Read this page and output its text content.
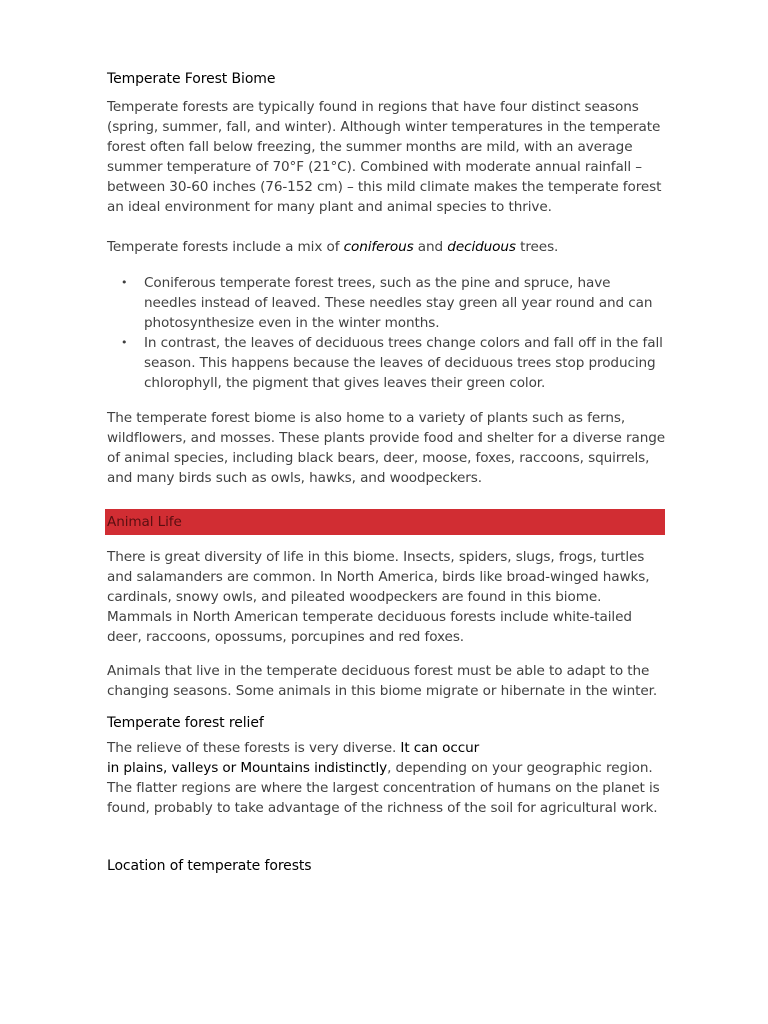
Temperate Forest Biome

Temperate forests are typically found in regions that have four distinct seasons (spring, summer, fall, and winter). Although winter temperatures in the temperate forest often fall below freezing, the summer months are mild, with an average summer temperature of 70°F (21°C). Combined with moderate annual rainfall – between 30-60 inches (76-152 cm) – this mild climate makes the temperate forest an ideal environment for many plant and animal species to thrive.

Temperate forests include a mix of coniferous and deciduous trees.

• Coniferous temperate forest trees, such as the pine and spruce, have needles instead of leaved. These needles stay green all year round and can photosynthesize even in the winter months.
• In contrast, the leaves of deciduous trees change colors and fall off in the fall season. This happens because the leaves of deciduous trees stop producing chlorophyll, the pigment that gives leaves their green color.

The temperate forest biome is also home to a variety of plants such as ferns, wildflowers, and mosses. These plants provide food and shelter for a diverse range of animal species, including black bears, deer, moose, foxes, raccoons, squirrels, and many birds such as owls, hawks, and woodpeckers.

Animal Life

There is great diversity of life in this biome. Insects, spiders, slugs, frogs, turtles and salamanders are common. In North America, birds like broad-winged hawks, cardinals, snowy owls, and pileated woodpeckers are found in this biome. Mammals in North American temperate deciduous forests include white-tailed deer, raccoons, opossums, porcupines and red foxes.

Animals that live in the temperate deciduous forest must be able to adapt to the changing seasons. Some animals in this biome migrate or hibernate in the winter.

Temperate forest relief

The relieve of these forests is very diverse. It can occur
in plains, valleys or Mountains indistinctly, depending on your geographic region. The flatter regions are where the largest concentration of humans on the planet is found, probably to take advantage of the richness of the soil for agricultural work.

Location of temperate forests
